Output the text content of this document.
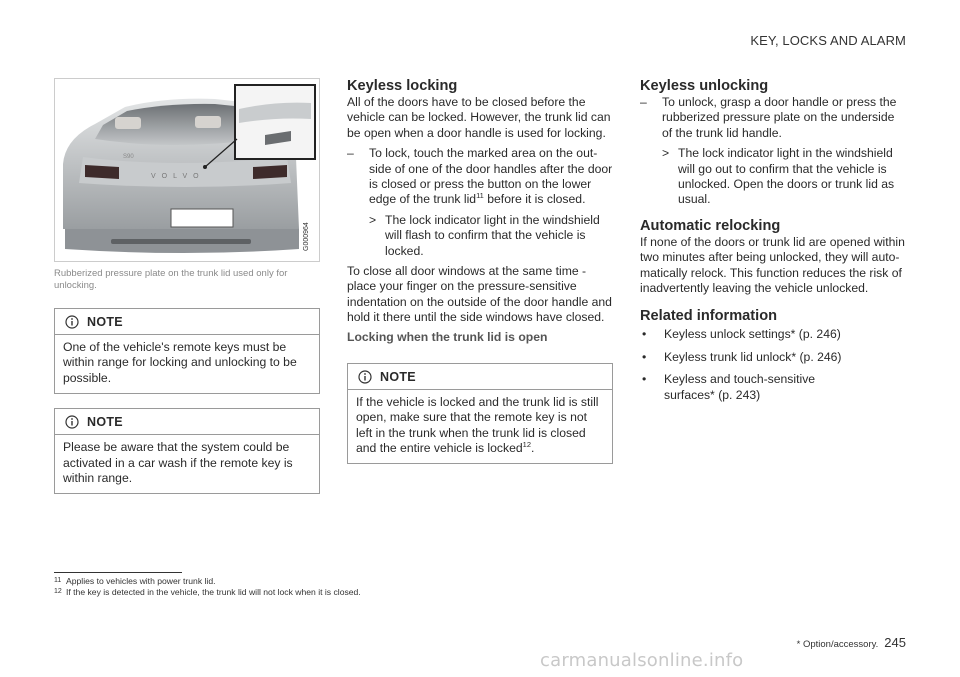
KEY, LOCKS AND ALARM
VOLVO
S90
G000964
Rubberized pressure plate on the trunk lid used only for unlocking.
NOTE

One of the vehicle's remote keys must be within range for locking and unlocking to be possible.

NOTE

Please be aware that the system could be activated in a car wash if the remote key is within range.

Keyless locking

All of the doors have to be closed before the vehicle can be locked. However, the trunk lid can be open when a door handle is used for locking.

–	To lock, touch the marked area on the out-side of one of the door handles after the door is closed or press the button on the lower edge of the trunk lid$^{11}$ before it is closed.
> The lock indicator light in the windshield will flash to confirm that the vehicle is locked.

To close all door windows at the same time - place your finger on the pressure-sensitive indentation on the outside of the door handle and hold it there until the side windows have closed.

Locking when the trunk lid is open
NOTE

If the vehicle is locked and the trunk lid is still open, make sure that the remote key is not left in the trunk when the trunk lid is closed and the entire vehicle is locked$^{12}$.

Keyless unlocking
–	To unlock, grasp a door handle or press the rubberized pressure plate on the underside of the trunk lid handle.
> The lock indicator light in the windshield will go out to confirm that the vehicle is unlocked. Open the doors or trunk lid as usual.
Automatic relocking

If none of the doors or trunk lid are opened within two minutes after being unlocked, they will auto-matically relock. This function reduces the risk of inadvertently leaving the vehicle unlocked.

Related information
•	Keyless unlock settings* (p. 246)
•	Keyless trunk lid unlock* (p. 246)
•	Keyless and touch-sensitive surfaces* (p. 243)
11 Applies to vehicles with power trunk lid.
12 If the key is detected in the vehicle, the trunk lid will not lock when it is closed.
* Option/accessory. 245
carmanualsonline.info
